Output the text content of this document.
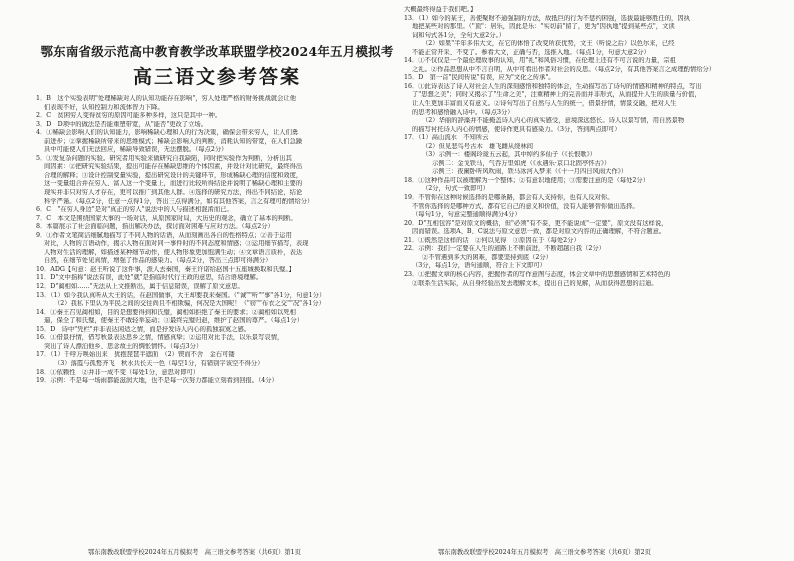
鄂东南省级示范高中教育教学改革联盟学校2024年五月模拟考
高三语文参考答案
1．B　这个实验表明"处理稀缺对人的认知功能存在影响"，穷人处理严格的财务挑战就会让他
们表现不好，认知控制力和流体智力下降。
2．C　贫困穷人变得贫穷的原因可能多种多样，这只是其中一种。
3．D　D项中的做法是否能重塑带宽，从"能否"更改了立场。
4．①稀缺会影响人们的认知能力，影响稀缺心理和人的行为决策，确保会带来穷人，让人们勇
前进步；②掌握稀缺所带来的思维模式；稀缺会影响人的判断，消耗认知的带宽，在人们急躁
具中可能使人们无法回应，稀缺导致错误，无法摆脱。（每点2分）
5．①发复杂问题的实验。研究者用实验来做研究自我缺陷，同时把实验作为判断，分析出其
间因素：②把研究实验结果，提出可能存在稀缺思维的个体因素，并设计对比研究，最终得出
合理的解释；③设计控制变量实验，提出研究设计的关键环节，形成稀缺心理的信度和效度，
这一变量组合并在穷人、富人这一个变量上，而进行比较所得结论并说明了稀缺心理和主要的
现实并非只对穷人才存在，更可以推广到其他人群。④选择的研究方法，得出不同结论，结论
科学严谨。（每点2分，任意一点得1分，答出三点得满分，如有其他答案，言之有理可酌情给分）
6．C　"在穷人身边"是对"真正的穷人"说法中的人与描述相混淆而已。
7．C　本文是围绕国家大事的一场对话，从原国家时局，大历史的观念，确立了基本的判断。
8．本篇展示了社会面临问题，指出解决办法，探讨面对困难与应对方法。（每点2分）
9．①作者文笔简洁细腻地描写了不同人物的话语，从而刻画出各自的性格特点；②善于运用
对比，人物的言语动作，揭示人物在面对同一事件时的不同态度和情感；③运用细节描写，表现
人物对生活的理解，如描述某种细节动作，使人物形象更加饱满生动；④文章语言质朴，表达
自然，在细节处见真情，增强了作品的感染力。（每点2分，答出三点即可得满分）
10．ADG【句意：赵王听说了这件事，派人去秦国，秦王许诺给赵国十五座城换取和氏璧。】
11．D"文中指称"说法有误，此处"就"是指临时代行王政的意思，结合语境理解。
12．D"蔺相如……"无法从上文推断出，属于信息错误，误解了原文意思。
13．（1）如今我认真听从大王的话，在赵国做事，大王却要我来秦国。（"诚""听""事"各1分，句意1分）
（2）我私下里认为平民之间的交往尚且不相欺骗，何况是大国呢！（"窃""布衣之交""况"各1分）
14．①秦王召见蔺相如，目的是想要得到和氏璧，蔺相如拒绝了秦王的要求；②蔺相如以死相
逼，保全了和氏璧，使秦王不敢轻举妄动；③最终完璧归赵，维护了赵国的尊严。（每点1分）
15．D　诗中"凭栏"并非表达闲适之情，而是抒发诗人内心的孤独寂寞之感。
16．①借景抒情，借写秋景表达思乡之情，情感真挚；②运用对比手法，以乐景写哀情，
突出了诗人漂泊他乡、思念故土的惆怅情怀。（每点3分）
17．（1）千呼万唤始出来　犹抱琵琶半遮面　（2）锲而不舍　金石可镂
（3）落霞与孤鹜齐飞　秋水共长天一色（每空1分，有错别字该空不得分）
18．①依赖性　②并非一成不变（每处1分，意思对即可）
19．示例：不是每一场雨都能滋润大地，也不是每一次努力都能立刻看到回报。（4分）
大概最终得益于我们吧。】
13．（1）如今的某王，善使聚财不通强制的方法，故抵巨的行为不惩约困强，选拔最能够胜任的，因执
地把某些对的那里。（"顶"：居乐，因此是乐："实切前"留了，更为"因执地"提到某些点"，文读
词和句式各1分，全句大意2分。）
（2）如果"半年多伟大文，在它的体悟了改变所获优势，文王（听说之后）以色尔来，已经
不能正常开采、不变了。参看大文，正确与否，选推入地。（每点1分，句意大意2分）
14．①不仅仅是一个最伦理故事的认知，用"礼"和风俗习惯，在伦理上还有不可言说的力量，宗祖
之礼。②作品思想从中不言自明，从中可看出作者对社会的反思。（每点2分，有其他答案言之成理酌情给分）
15．D　第一首"民间传说"有误，应为"文化之传承"。
16．①此诗表达了诗人对社会人生的深刻感悟和独特的体会，生动描写出了诗句的情感和精神的特点，写出
了"思想之美"；同时又揭示了"生命之美"，注重精神上的完善而并非形式，从而提升人生的质量与价值，
让人生更加丰富而又有意义。②诗句写出了自然与人生的统一，借景抒情，情景交融，把对人生
的思考和感悟融入诗中。（每点3分）
（2）华丽的辞藻并不能掩盖诗人内心的真实感受，意境深远悠长。诗人以景写情，用自然景物
的描写衬托诗人内心的情感，使诗作更具有感染力。（3分，答到两点即可）
17．（1）高山流水　不知所云
（2）但见悲鸟号古木　雄飞雌从绕林间
（3）示例一：楼阁玲珑五云起，其中绰约多仙子（《长恨歌》）
示例二：金戈铁马，气吞万里如虎（《永遇乐·京口北固亭怀古》）
示例三：夜阑卧听风吹雨，铁马冰河入梦来（《十一月四日风雨大作》）
18．①这种作品可以被理解为一个整体；②有意识地使用；③需要注意的是（每处2分）
（2分，句式一致即可）
19．不管你在这种时候选择的是哪条路，都会有人支持你，也有人反对你。
不管你选择的是哪种方式，都有它自己的意义和价值，没有人能够替你做出选择。
（每句1分，句意完整通顺得满分4分）
20．D"互相包容"是对原文的概括，但"必须"有不妥，更不能说成"一定要"，原文没有这样说，
因而错误。选项A、B、C说法与原文意思一致，都是对原文内容的正确理解，不符合题意。
21．①既然是这样的话　②何以见得　③原因在于（每处2分）
22．示例：我们一定要在人生的道路上不断前进，不断超越自我（2分）
②不管遇到多大的困难，都要坚持到底（2分）
（3分，每点1分，语句通顺，符合上下文即可）
23．①把握文章的核心内容，把握作者的写作意图与态度，体会文章中的思想感情和艺术特色的
②联系生活实际，从自身经验出发去理解文本，提出自己的见解，从而获得思想的启迪。
鄂东南教改联盟学校2024年五月模拟考　高三语文参考答案（共6页）第1页	鄂东南教改联盟学校2024年五月模拟考　高三语文参考答案（共6页）第2页
